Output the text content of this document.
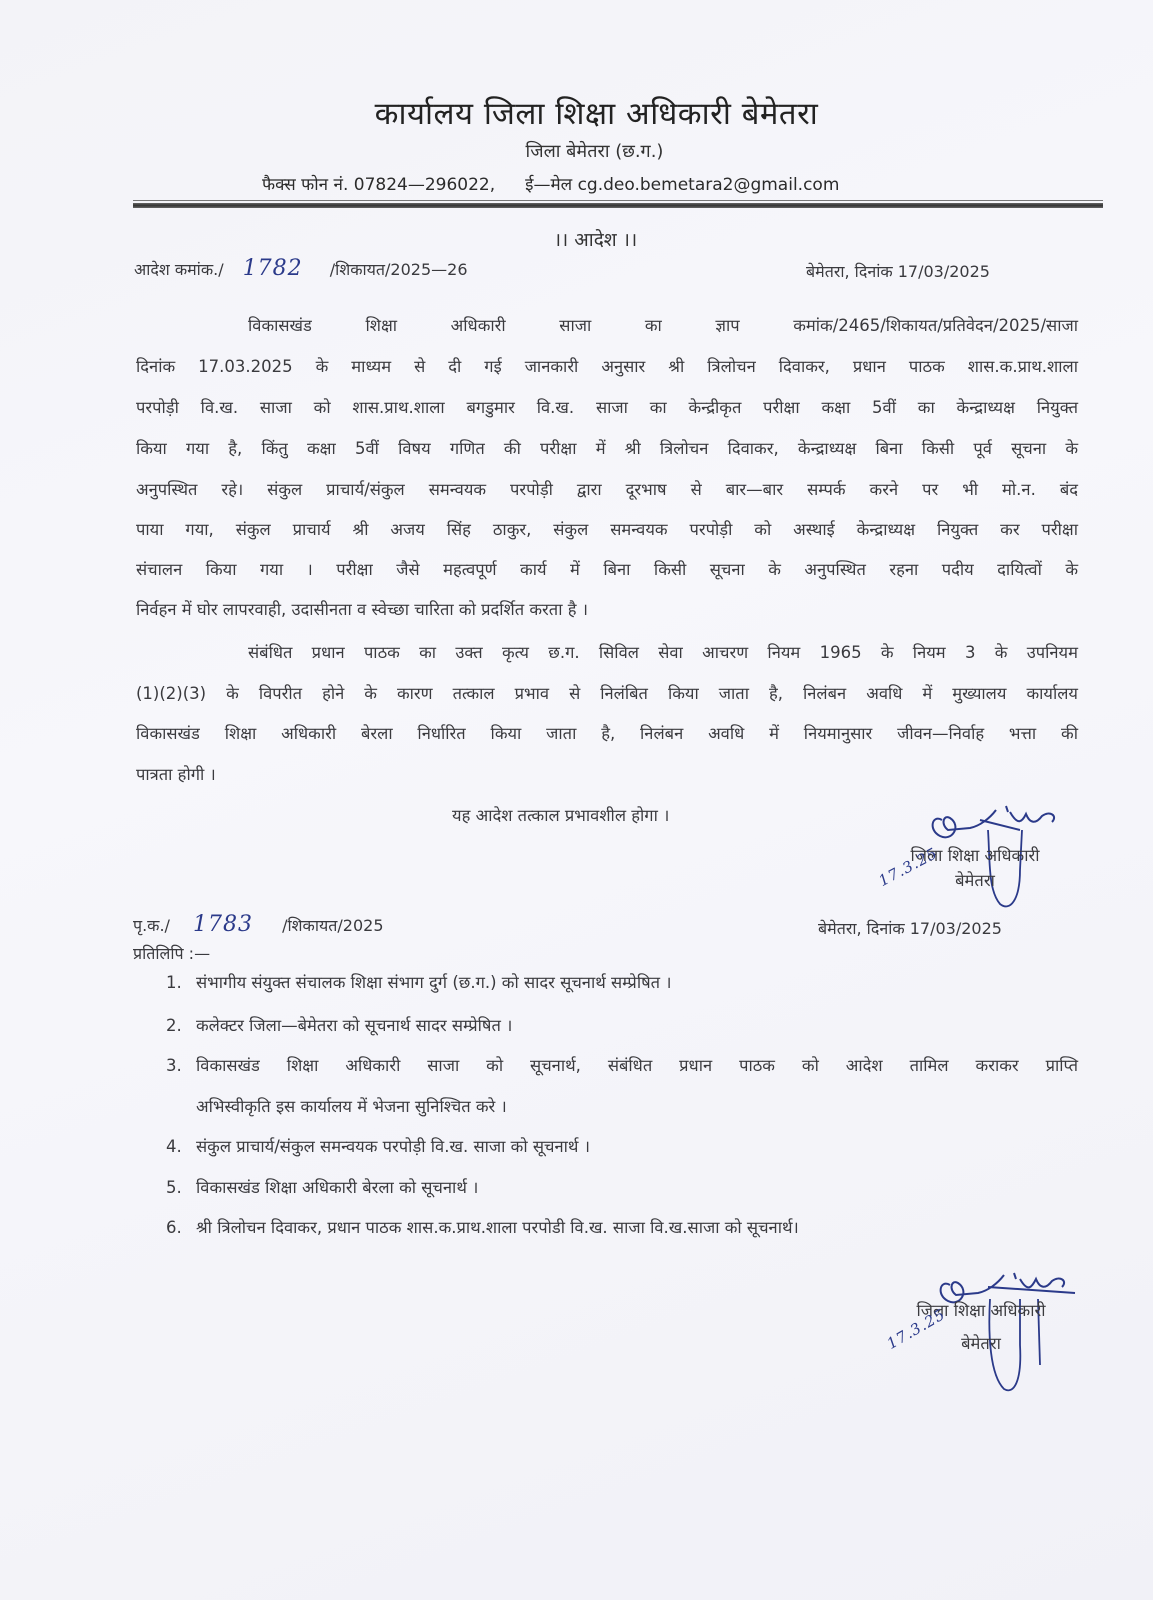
कार्यालय जिला शिक्षा अधिकारी बेमेतरा
जिला बेमेतरा (छ.ग.)
फैक्स फोन नं. 07824—296022, ई—मेल cg.deo.bemetara2@gmail.com
।। आदेश ।।
आदेश कमांक./ 1782 /शिकायत/2025—26	बेमेतरा, दिनांक 17/03/2025
विकासखंड शिक्षा अधिकारी साजा का ज्ञाप कमांक/2465/शिकायत/प्रतिवेदन/2025/साजा
दिनांक 17.03.2025 के माध्यम से दी गई जानकारी अनुसार श्री त्रिलोचन दिवाकर, प्रधान पाठक शास.क.प्राथ.शाला
परपोड़ी वि.ख. साजा को शास.प्राथ.शाला बगडुमार वि.ख. साजा का केन्द्रीकृत परीक्षा कक्षा 5वीं का केन्द्राध्यक्ष नियुक्त
किया गया है, किंतु कक्षा 5वीं विषय गणित की परीक्षा में श्री त्रिलोचन दिवाकर, केन्द्राध्यक्ष बिना किसी पूर्व सूचना के
अनुपस्थित रहे। संकुल प्राचार्य/संकुल समन्वयक परपोड़ी द्वारा दूरभाष से बार—बार सम्पर्क करने पर भी मो.न. बंद
पाया गया, संकुल प्राचार्य श्री अजय सिंह ठाकुर, संकुल समन्वयक परपोड़ी को अस्थाई केन्द्राध्यक्ष नियुक्त कर परीक्षा
संचालन किया गया । परीक्षा जैसे महत्वपूर्ण कार्य में बिना किसी सूचना के अनुपस्थित रहना पदीय दायित्वों के
निर्वहन में घोर लापरवाही, उदासीनता व स्वेच्छा चारिता को प्रदर्शित करता है ।
संबंधित प्रधान पाठक का उक्त कृत्य छ.ग. सिविल सेवा आचरण नियम 1965 के नियम 3 के उपनियम
(1)(2)(3) के विपरीत होने के कारण तत्काल प्रभाव से निलंबित किया जाता है, निलंबन अवधि में मुख्यालय कार्यालय
विकासखंड शिक्षा अधिकारी बेरला निर्धारित किया जाता है, निलंबन अवधि में नियमानुसार जीवन—निर्वाह भत्ता की
पात्रता होगी ।
यह आदेश तत्काल प्रभावशील होगा ।
जिला शिक्षा अधिकारी
बेमेतरा
17.3.25
पृ.क./ 1783 /शिकायत/2025	बेमेतरा, दिनांक 17/03/2025
प्रतिलिपि :—
1. संभागीय संयुक्त संचालक शिक्षा संभाग दुर्ग (छ.ग.) को सादर सूचनार्थ सम्प्रेषित ।
2. कलेक्टर जिला—बेमेतरा को सूचनार्थ सादर सम्प्रेषित ।
3. विकासखंड शिक्षा अधिकारी साजा को सूचनार्थ, संबंधित प्रधान पाठक को आदेश तामिल कराकर प्राप्ति
अभिस्वीकृति इस कार्यालय में भेजना सुनिश्चित करे ।
4. संकुल प्राचार्य/संकुल समन्वयक परपोड़ी वि.ख. साजा को सूचनार्थ ।
5. विकासखंड शिक्षा अधिकारी बेरला को सूचनार्थ ।
6. श्री त्रिलोचन दिवाकर, प्रधान पाठक शास.क.प्राथ.शाला परपोडी वि.ख. साजा वि.ख.साजा को सूचनार्थ।
जिला शिक्षा अधिकारी
बेमेतरा
17.3.25
